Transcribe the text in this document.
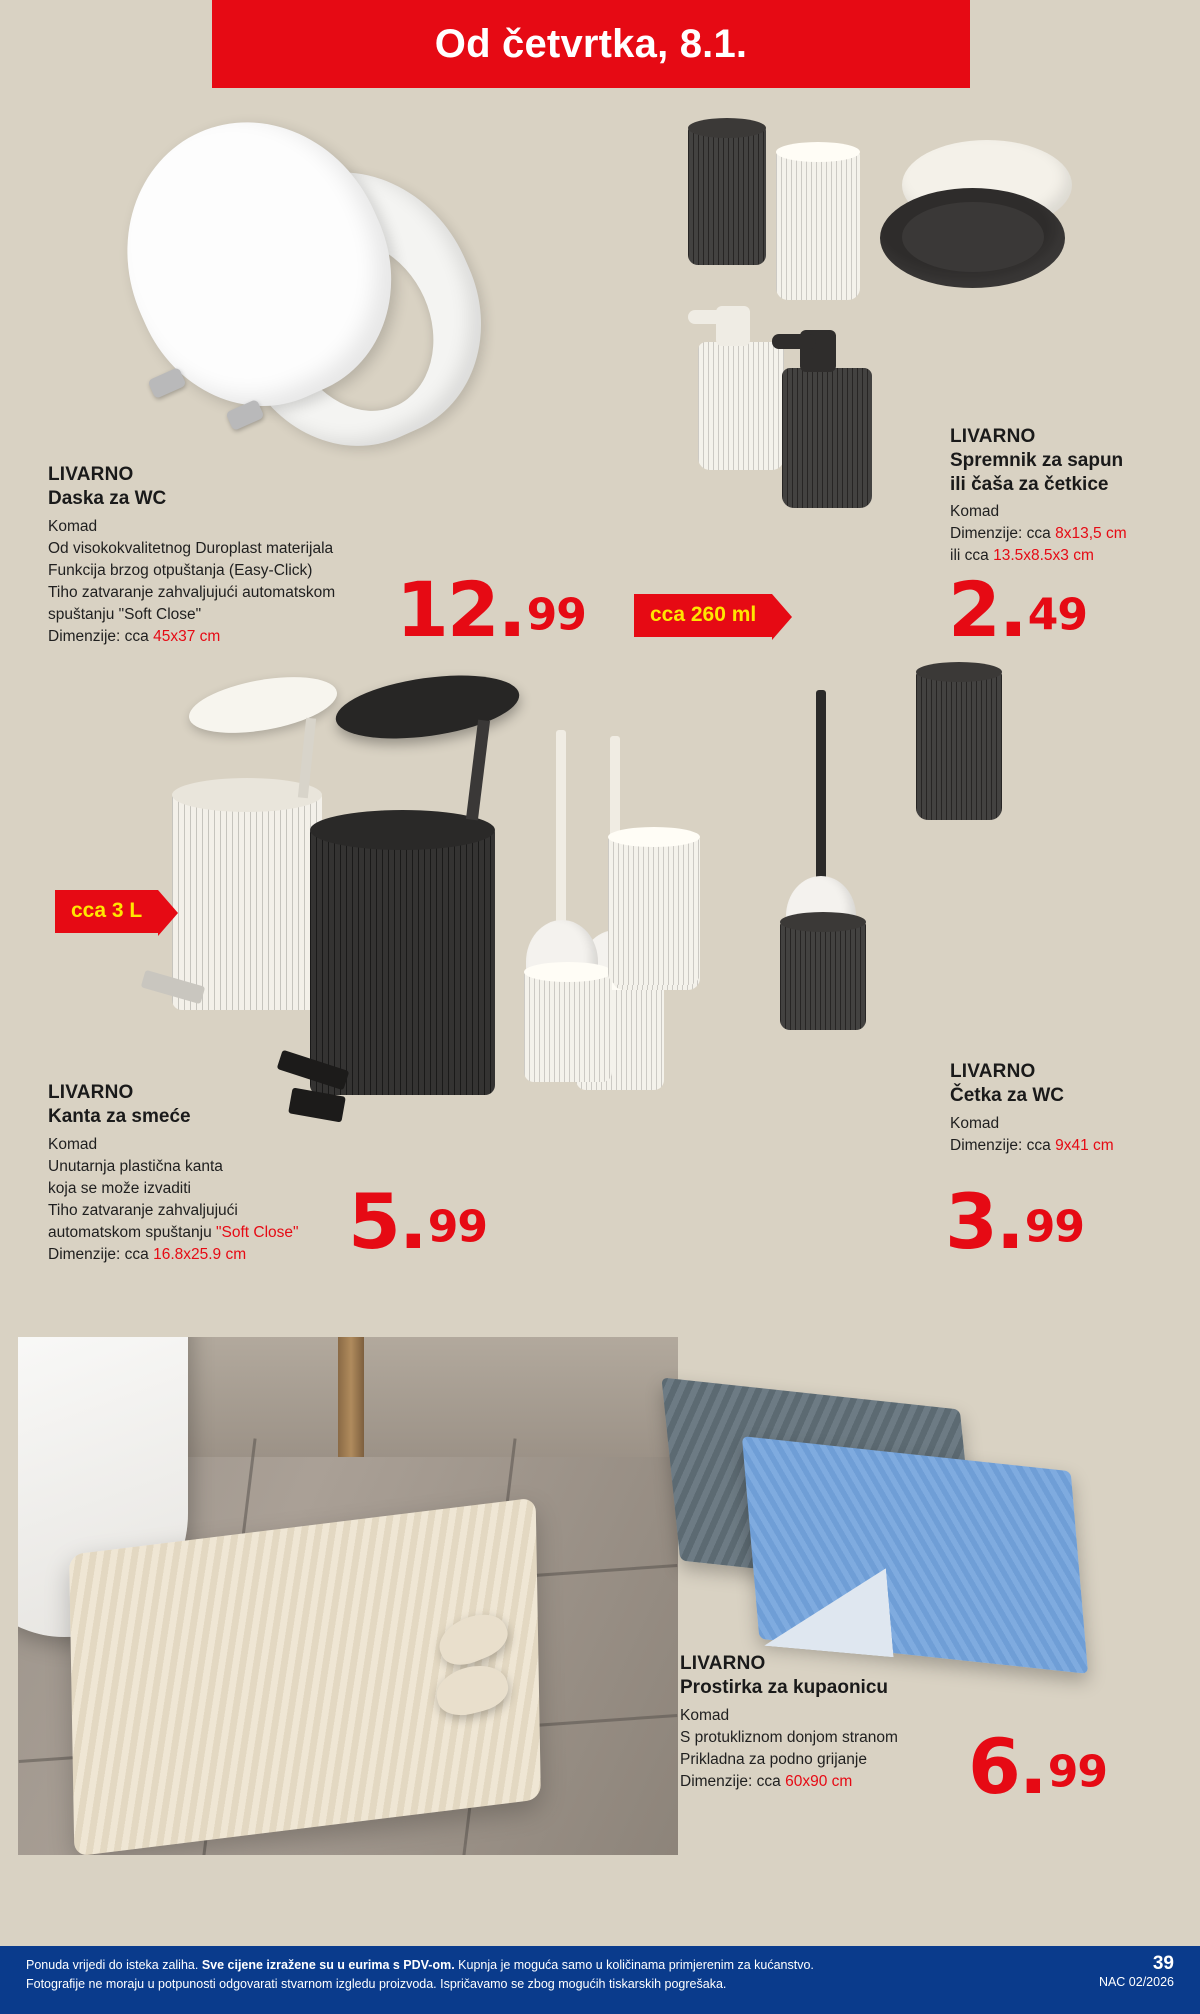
Od četvrtka, 8.1.
LIVARNO
Daska za WC
Komad
Od visokokvalitetnog Duroplast materijala
Funkcija brzog otpuštanja (Easy-Click)
Tiho zatvaranje zahvaljujući automatskom
spuštanju "Soft Close"
Dimenzije: cca 45x37 cm	12.99
LIVARNO
Spremnik za sapun
ili čaša za četkice
Komad
Dimenzije: cca 8x13,5 cm
ili cca 13.5x8.5x3 cm
2.49
cca 260 ml
cca 3 L
LIVARNO
Kanta za smeće
Komad
Unutarnja plastična kanta
koja se može izvaditi
Tiho zatvaranje zahvaljujući
automatskom spuštanju "Soft Close"
Dimenzije: cca 16.8x25.9 cm	5.99
LIVARNO
Četka za WC
Komad
Dimenzije: cca 9x41 cm
3.99
LIVARNO
Prostirka za kupaonicu
Komad
S protukliznom donjom stranom
Prikladna za podno grijanje
Dimenzije: cca 60x90 cm	6.99
Ponuda vrijedi do isteka zaliha. Sve cijene izražene su u eurima s PDV-om. Kupnja je moguća samo u količinama primjerenim za kućanstvo.
Fotografije ne moraju u potpunosti odgovarati stvarnom izgledu proizvoda. Ispričavamo se zbog mogućih tiskarskih pogrešaka.
39
NAC 02/2026
